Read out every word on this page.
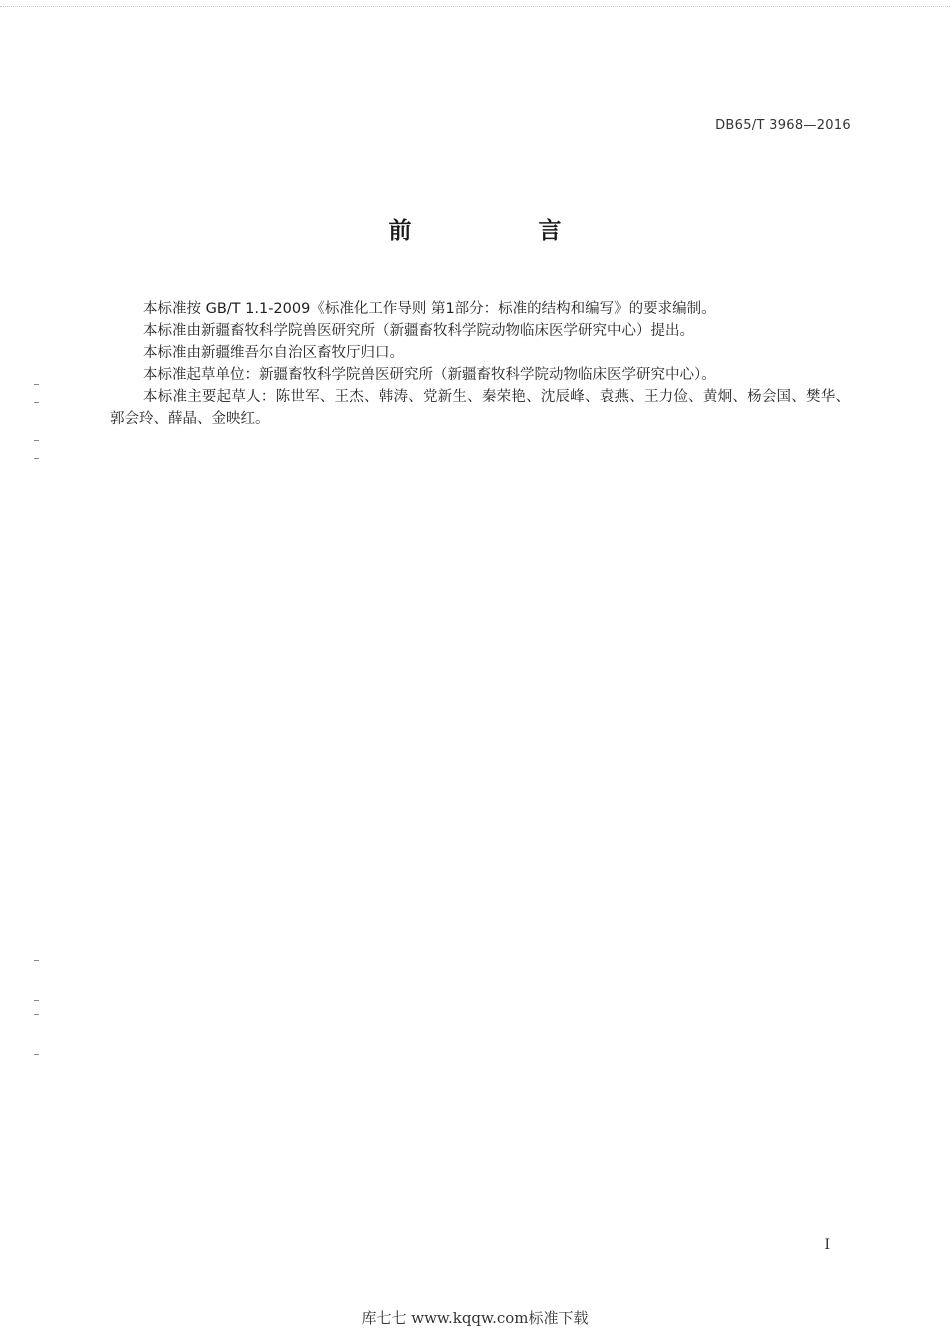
DB65/T 3968—2016
前　言

本标准按 GB/T 1.1-2009《标准化工作导则 第1部分：标准的结构和编写》的要求编制。

本标准由新疆畜牧科学院兽医研究所（新疆畜牧科学院动物临床医学研究中心）提出。

本标准由新疆维吾尔自治区畜牧厅归口。

本标准起草单位：新疆畜牧科学院兽医研究所（新疆畜牧科学院动物临床医学研究中心）。

本标准主要起草人：陈世军、王杰、韩涛、党新生、秦荣艳、沈辰峰、袁燕、王力俭、黄炯、杨会国、樊华、郭会玲、薛晶、金映红。

I
库七七 www.kqqw.com标准下载
